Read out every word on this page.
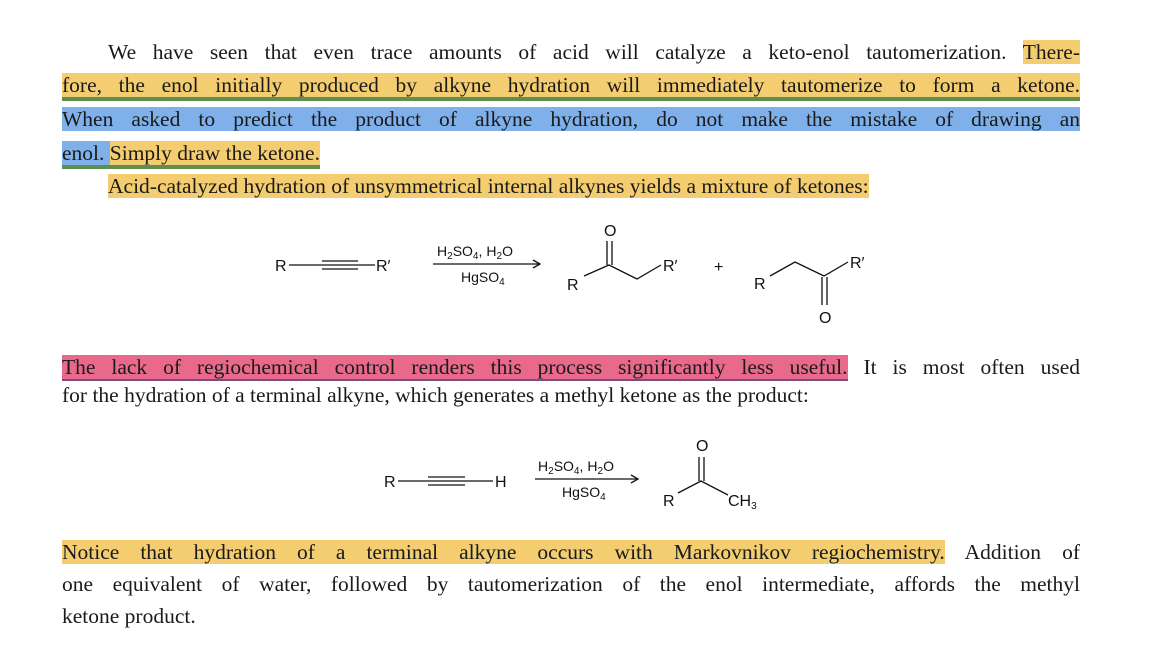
We have seen that even trace amounts of acid will catalyze a keto-enol tautomerization. There-
fore, the enol initially produced by alkyne hydration will immediately tautomerize to form a ketone.
When asked to predict the product of alkyne hydration, do not make the mistake of drawing an
enol. Simply draw the ketone.
Acid-catalyzed hydration of unsymmetrical internal alkynes yields a mixture of ketones:
R	R′
$H_2SO_4$, $H_2O$
HgSO$_4$
O
R
R′ +
R
O
R′
The lack of regiochemical control renders this process significantly less useful. It is most often used
for the hydration of a terminal alkyne, which generates a methyl ketone as the product:
R	H
$H_2SO_4$, $H_2O$
HgSO$_4$
O
R	CH3
Notice that hydration of a terminal alkyne occurs with Markovnikov regiochemistry. Addition of
one equivalent of water, followed by tautomerization of the enol intermediate, affords the methyl
ketone product.
